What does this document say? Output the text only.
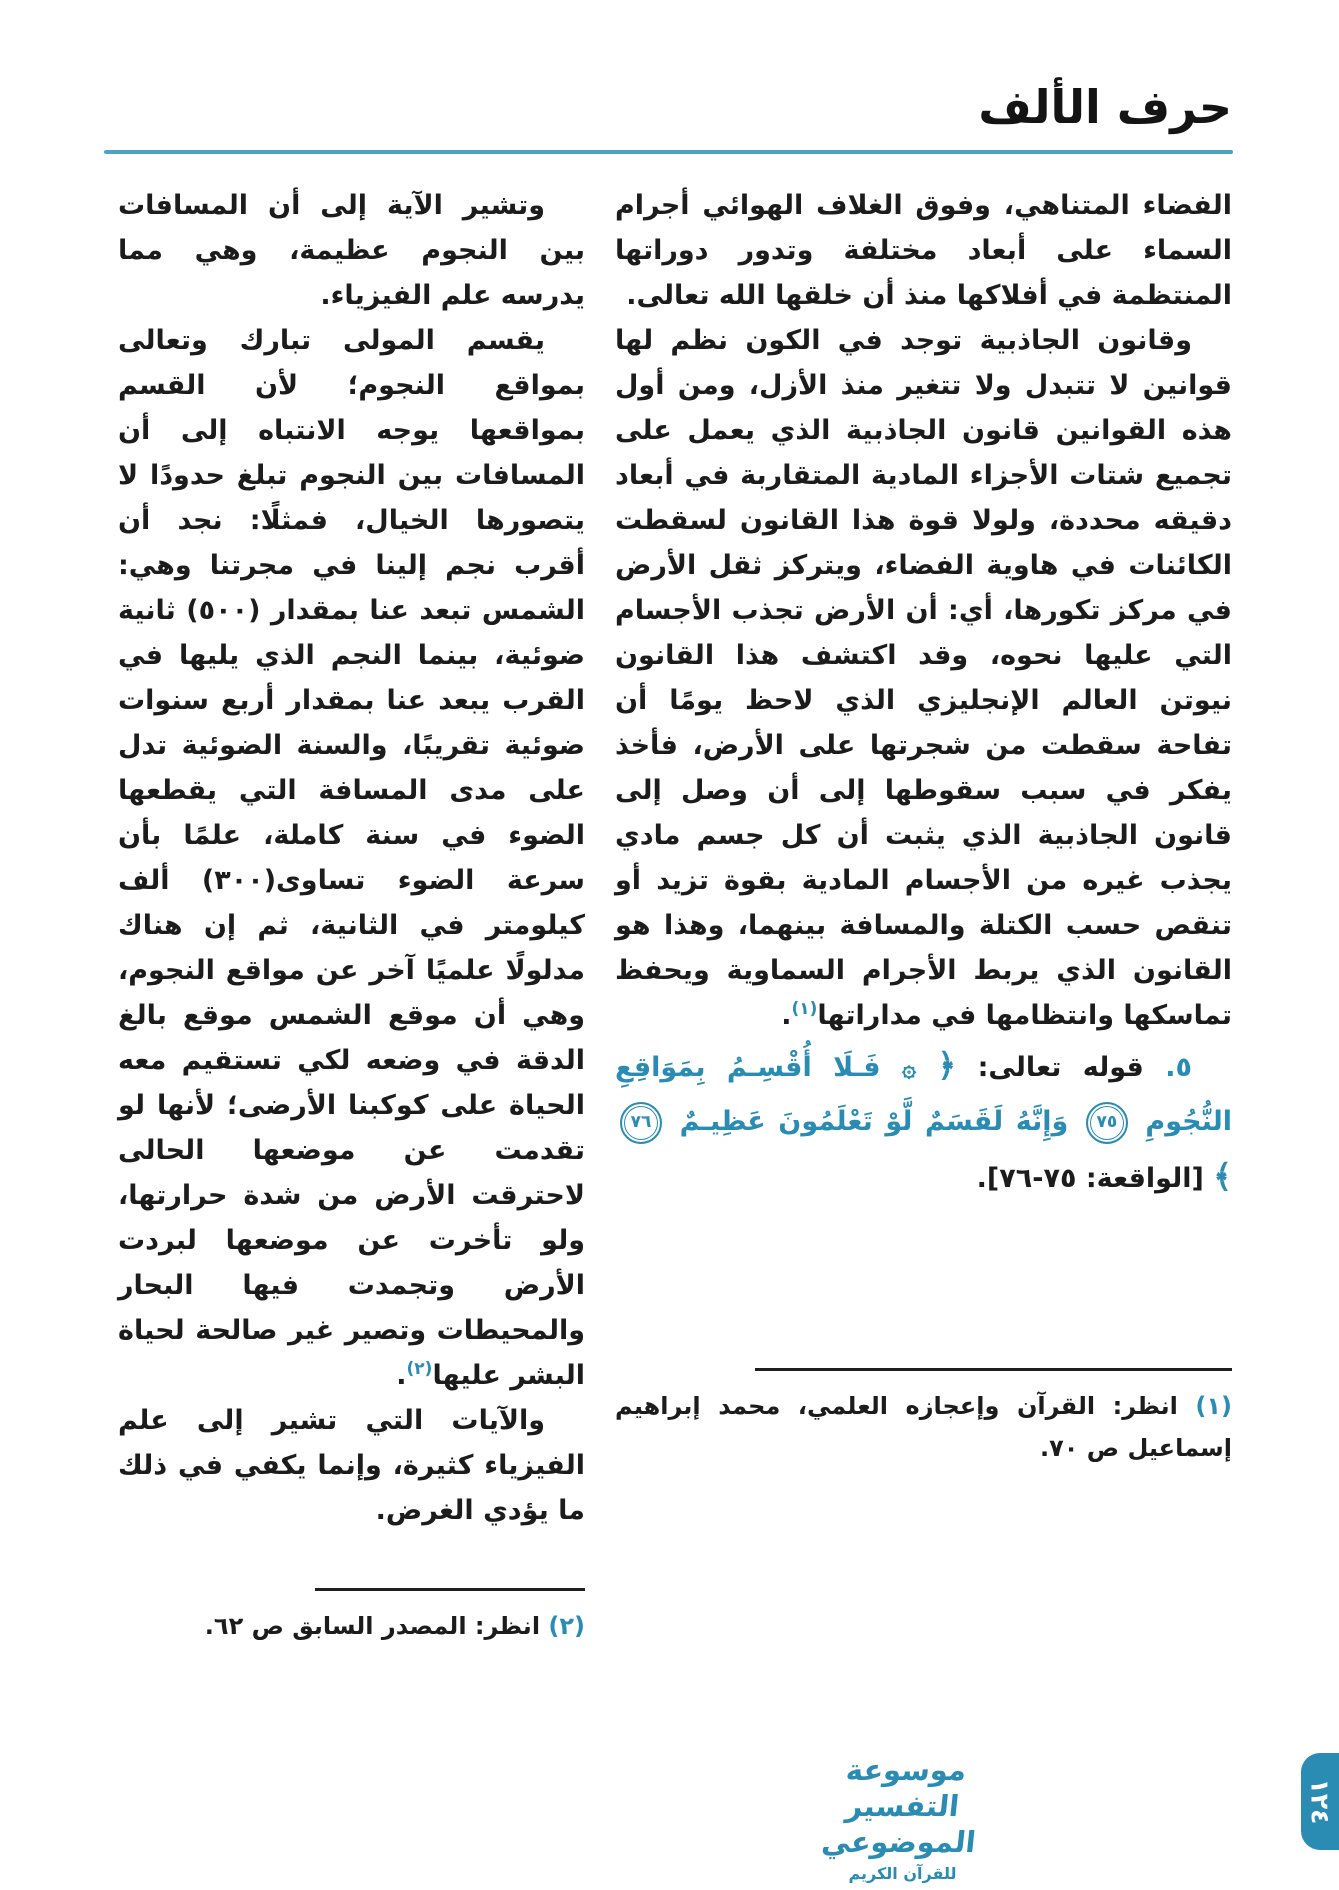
حرف الألف

الفضاء المتناهي، وفوق الغلاف الهوائي أجرام السماء على أبعاد مختلفة وتدور دوراتها المنتظمة في أفلاكها منذ أن خلقها الله تعالى.

وقانون الجاذبية توجد في الكون نظم لها قوانين لا تتبدل ولا تتغير منذ الأزل، ومن أول هذه القوانين قانون الجاذبية الذي يعمل على تجميع شتات الأجزاء المادية المتقاربة في أبعاد دقيقه محددة، ولولا قوة هذا القانون لسقطت الكائنات في هاوية الفضاء، ويتركز ثقل الأرض في مركز تكورها، أي: أن الأرض تجذب الأجسام التي عليها نحوه، وقد اكتشف هذا القانون نيوتن العالم الإنجليزي الذي لاحظ يومًا أن تفاحة سقطت من شجرتها على الأرض، فأخذ يفكر في سبب سقوطها إلى أن وصل إلى قانون الجاذبية الذي يثبت أن كل جسم مادي يجذب غيره من الأجسام المادية بقوة تزيد أو تنقص حسب الكتلة والمسافة بينهما، وهذا هو القانون الذي يربط الأجرام السماوية ويحفظ تماسكها وانتظامها في مداراتها$^{(١)}$.

٥. قوله تعالى: ﴿ ۞ فَـلَا أُقْسِـمُ بِمَوَاقِعِ النُّجُومِ ٧٥ وَإِنَّهُ لَقَسَمٌ لَّوْ تَعْلَمُونَ عَظِيـمٌ ٧٦ ﴾ [الواقعة: ٧٥-٧٦].

وتشير الآية إلى أن المسافات بين النجوم عظيمة، وهي مما يدرسه علم الفيزياء.

يقسم المولى تبارك وتعالى بمواقع النجوم؛ لأن القسم بمواقعها يوجه الانتباه إلى أن المسافات بين النجوم تبلغ حدودًا لا يتصورها الخيال، فمثلًا: نجد أن أقرب نجم إلينا في مجرتنا وهي: الشمس تبعد عنا بمقدار (٥٠٠) ثانية ضوئية، بينما النجم الذي يليها في القرب يبعد عنا بمقدار أربع سنوات ضوئية تقريبًا، والسنة الضوئية تدل على مدى المسافة التي يقطعها الضوء في سنة كاملة، علمًا بأن سرعة الضوء تساوى(٣٠٠) ألف كيلومتر في الثانية، ثم إن هناك مدلولًا علميًا آخر عن مواقع النجوم، وهي أن موقع الشمس موقع بالغ الدقة في وضعه لكي تستقيم معه الحياة على كوكبنا الأرضى؛ لأنها لو تقدمت عن موضعها الحالى لاحترقت الأرض من شدة حرارتها، ولو تأخرت عن موضعها لبردت الأرض وتجمدت فيها البحار والمحيطات وتصير غير صالحة لحياة البشر عليها$^{(٢)}$.

والآيات التي تشير إلى علم الفيزياء كثيرة، وإنما يكفي في ذلك ما يؤدي الغرض.

(١) انظر: القرآن وإعجازه العلمي، محمد إبراهيم إسماعيل ص ٧٠.

(٢) انظر: المصدر السابق ص ٦٢.

موسوعة التفسير الموضوعي
للقرآن الكريم
١٢٤
